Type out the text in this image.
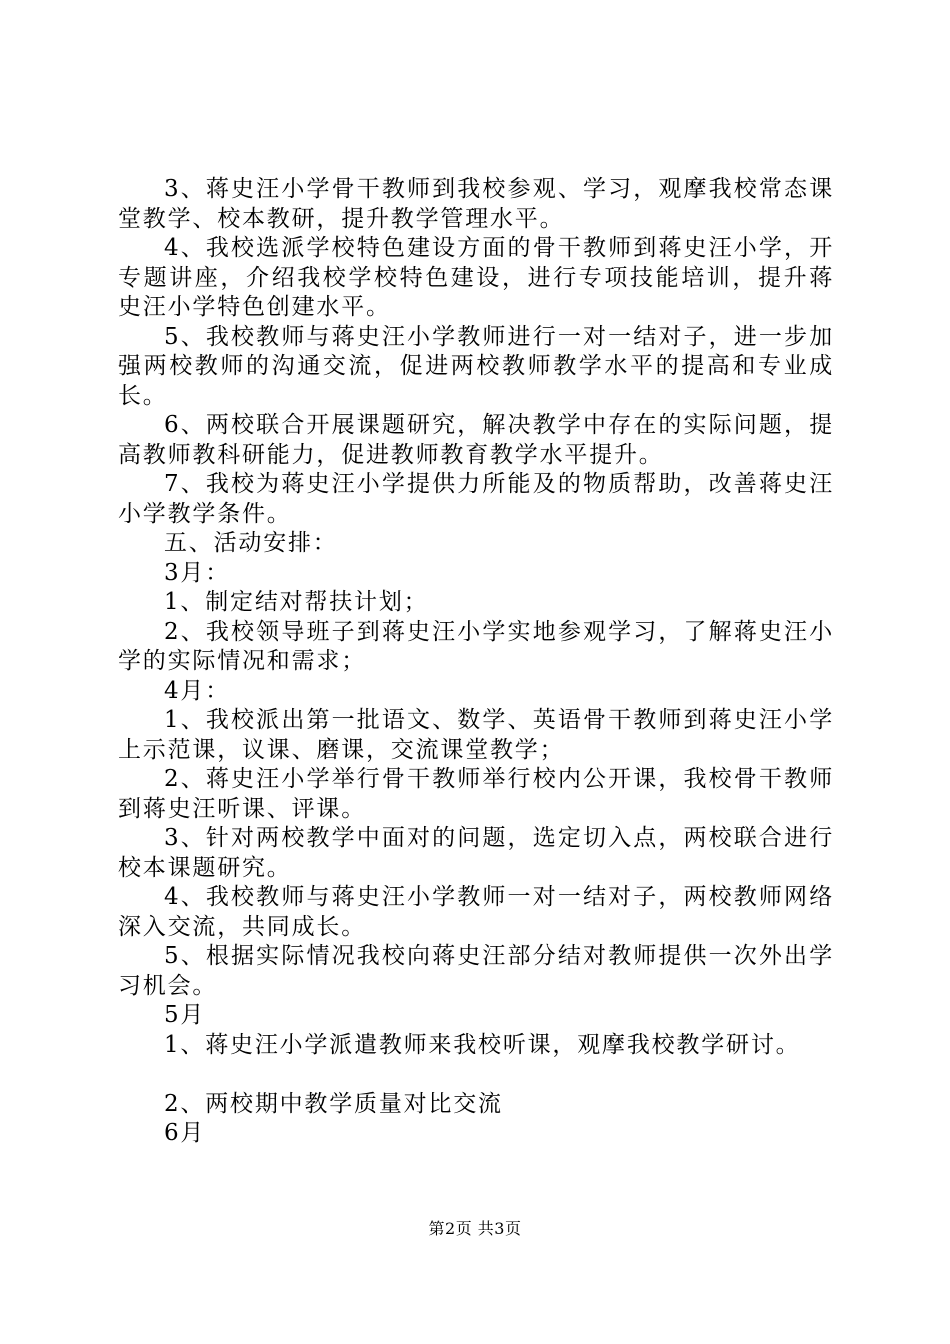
3、蒋史汪小学骨干教师到我校参观、学习，观摩我校常态课堂教学、校本教研，提升教学管理水平。

4、我校选派学校特色建设方面的骨干教师到蒋史汪小学，开专题讲座，介绍我校学校特色建设，进行专项技能培训，提升蒋史汪小学特色创建水平。

5、我校教师与蒋史汪小学教师进行一对一结对子，进一步加强两校教师的沟通交流，促进两校教师教学水平的提高和专业成长。

6、两校联合开展课题研究，解决教学中存在的实际问题，提高教师教科研能力，促进教师教育教学水平提升。

7、我校为蒋史汪小学提供力所能及的物质帮助，改善蒋史汪小学教学条件。

五、活动安排：

3月：

1、制定结对帮扶计划；

2、我校领导班子到蒋史汪小学实地参观学习，了解蒋史汪小学的实际情况和需求；

4月：

1、我校派出第一批语文、数学、英语骨干教师到蒋史汪小学上示范课，议课、磨课，交流课堂教学；

2、蒋史汪小学举行骨干教师举行校内公开课，我校骨干教师到蒋史汪听课、评课。

3、针对两校教学中面对的问题，选定切入点，两校联合进行校本课题研究。

4、我校教师与蒋史汪小学教师一对一结对子，两校教师网络深入交流，共同成长。

5、根据实际情况我校向蒋史汪部分结对教师提供一次外出学习机会。

5月

1、蒋史汪小学派遣教师来我校听课，观摩我校教学研讨。

2、两校期中教学质量对比交流

6月

第2页 共3页
